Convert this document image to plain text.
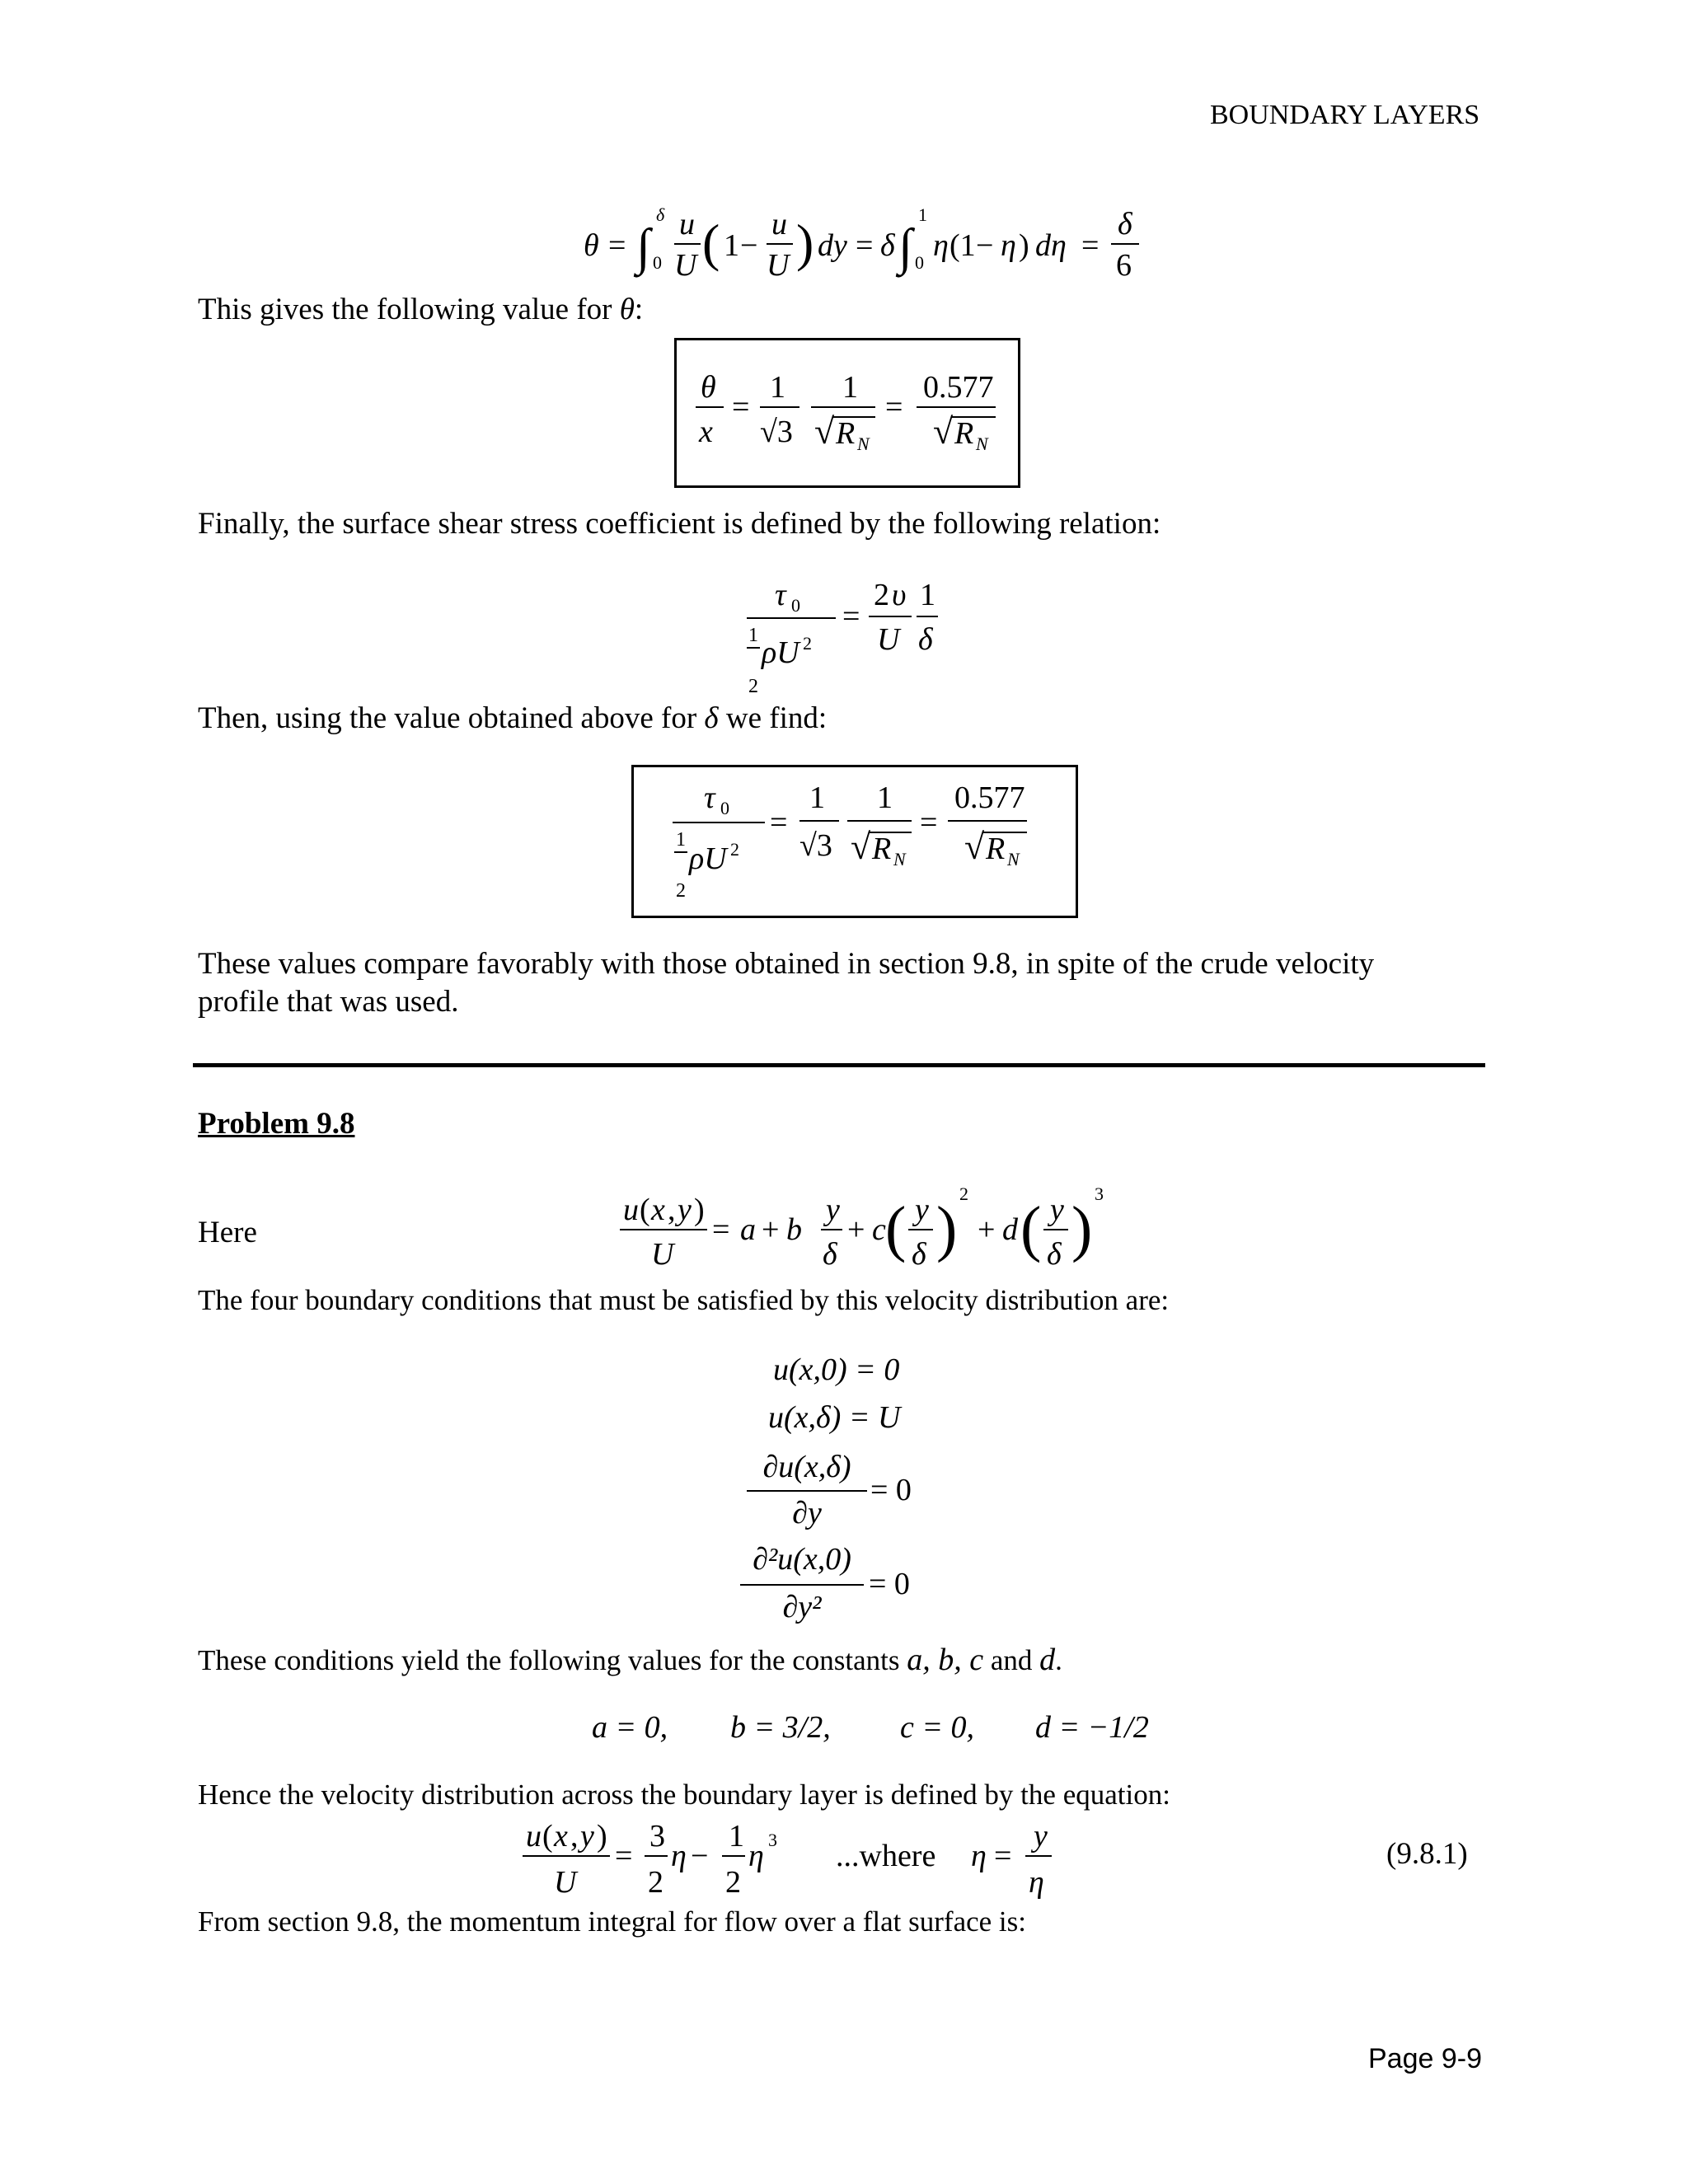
BOUNDARY LAYERS
θ = ∫
δ
0
u
U ( 1 −
u
U ) dy = δ ∫
1
0 η (1 − η ) dη =
δ
6
This gives the following value for θ:
θ
x
=
1
√3
1
√ R N
=
0.577
√ R N
Finally, the surface shear stress coefficient is defined by the following relation:
τ 0
1
2
ρU 2
=
2 υ 1
U δ
Then, using the value obtained above for δ we find:
τ 0
1
2
ρU 2
=
1
√3
1
√ R N
=
0.577
√ R N
These values compare favorably with those obtained in section 9.8, in spite of the crude velocity
profile that was used.
Problem 9.8
Here
u ( x , y )
U
= a + b
y
δ
+ c ( y
δ )
2
+ d ( y
δ )
3
The four boundary conditions that must be satisfied by this velocity distribution are:
u(x,0) = 0
u(x,δ) = U
∂u(x,δ)
∂y
= 0
∂²u(x,0)
∂y²
= 0
These conditions yield the following values for the constants a, b, c and d.
a = 0, b = 3/2, c = 0, d = −1/2
Hence the velocity distribution across the boundary layer is defined by the equation:
u ( x , y )
U
=
3
2
η −
1
2
η 3 ...where η =
y
η
(9.8.1)
From section 9.8, the momentum integral for flow over a flat surface is:
Page 9-9
